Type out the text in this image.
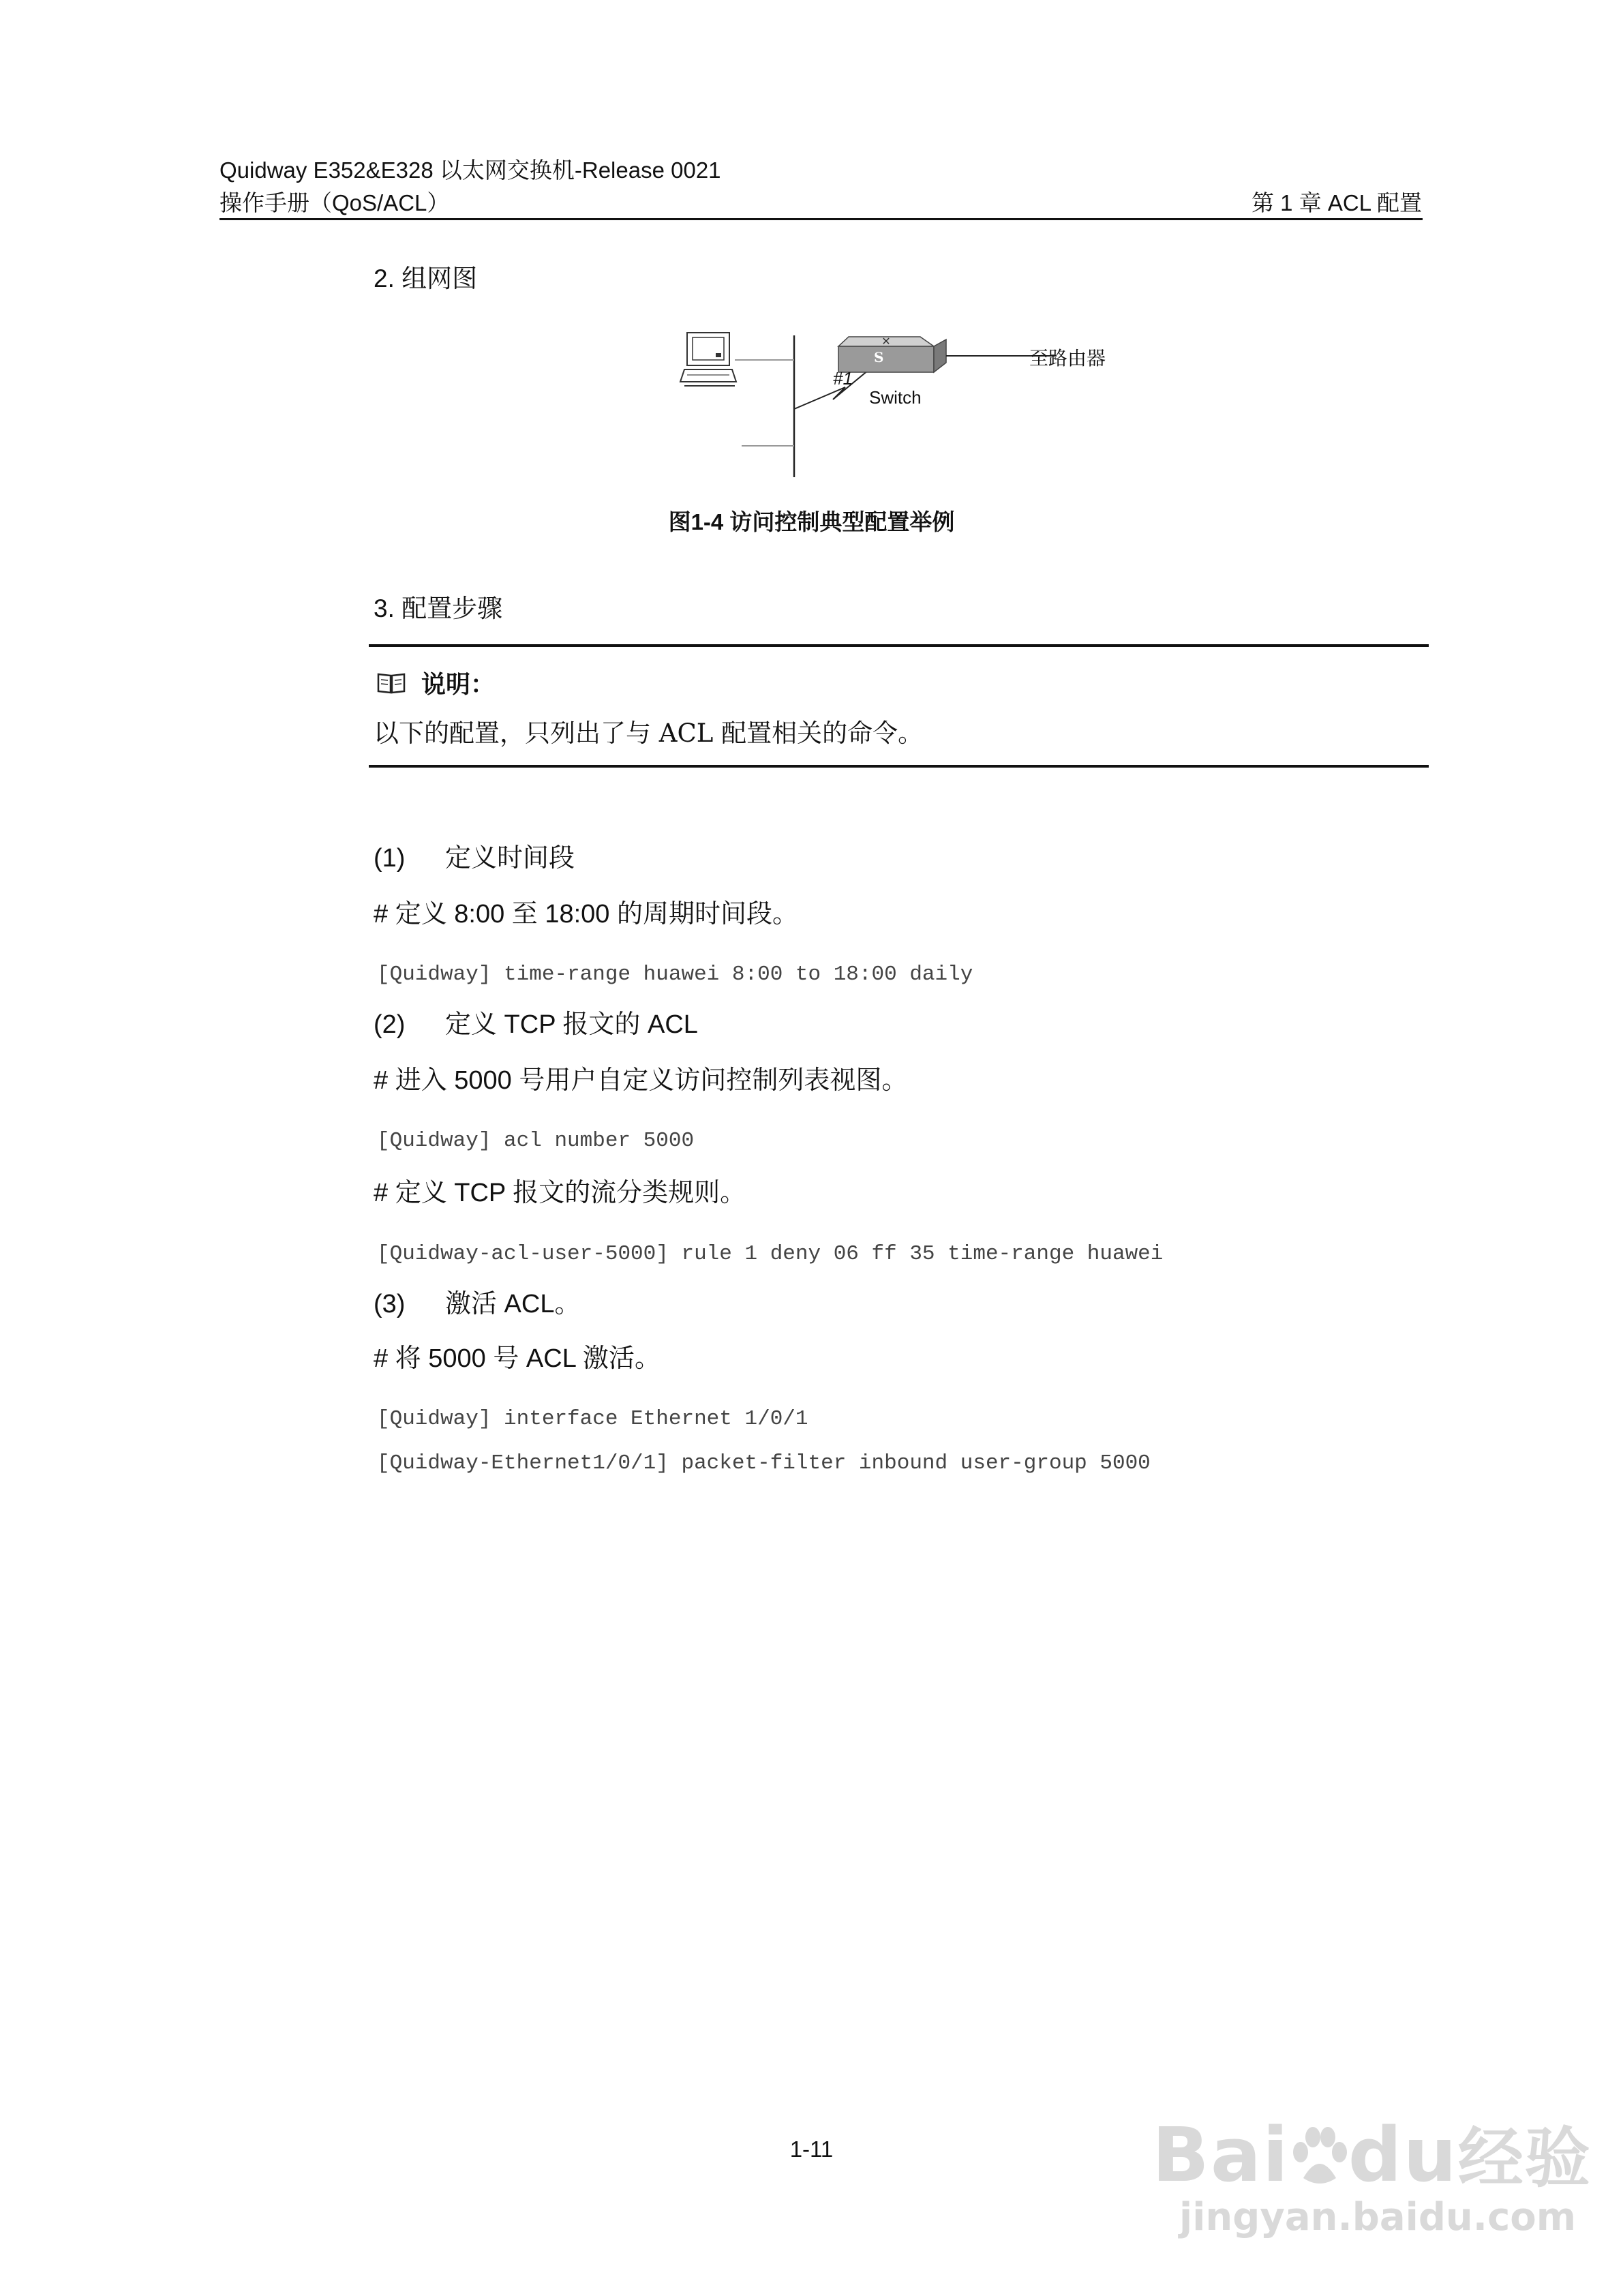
Quidway E352&E328 以太网交换机-Release 0021
操作手册（QoS/ACL）	第 1 章 ACL 配置
2. 组网图
✕
S
#1
Switch
至路由器
图1-4 访问控制典型配置举例
3. 配置步骤
说明：
以下的配置，只列出了与 ACL 配置相关的命令。
(1) 定义时间段
# 定义 8:00 至 18:00 的周期时间段。
[Quidway] time-range huawei 8:00 to 18:00 daily
(2) 定义 TCP 报文的 ACL
# 进入 5000 号用户自定义访问控制列表视图。
[Quidway] acl number 5000
# 定义 TCP 报文的流分类规则。
[Quidway-acl-user-5000] rule 1 deny 06 ff 35 time-range huawei
(3) 激活 ACL。
# 将 5000 号 ACL 激活。
[Quidway] interface Ethernet 1/0/1
[Quidway-Ethernet1/0/1] packet-filter inbound user-group 5000
1-11	Bai du经验
jingyan.baidu.com
